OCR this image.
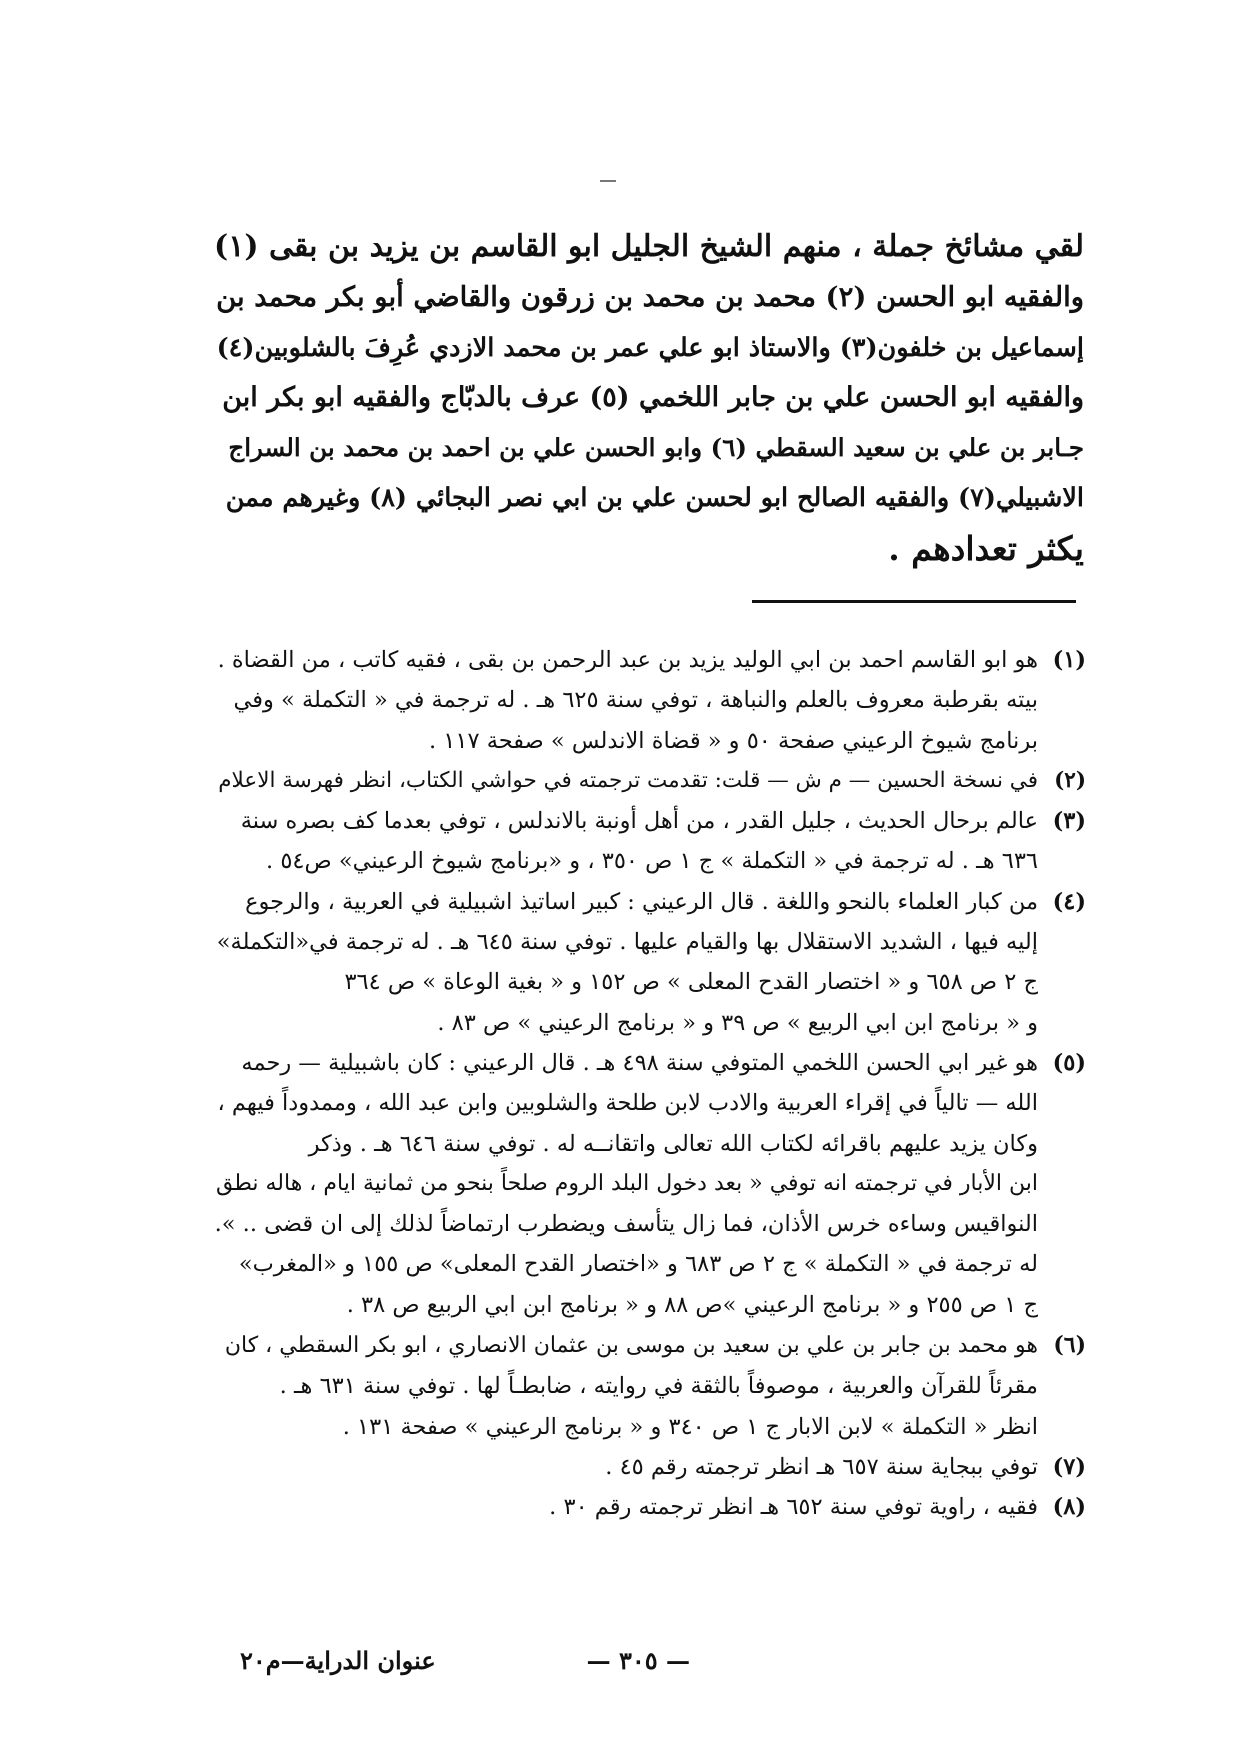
لقي مشائخ جملة ، منهم الشيخ الجليل ابو القاسم بن يزيد بن بقى (١)
والفقيه ابو الحسن (٢) محمد بن محمد بن زرقون والقاضي أبو بكر محمد بن
إسماعيل بن خلفون(٣) والاستاذ ابو علي عمر بن محمد الازدي عُرِفَ بالشلوبين(٤)
والفقيه ابو الحسن علي بن جابر اللخمي (٥) عرف بالدبّاج والفقيه ابو بكر ابن
جـابر بن علي بن سعيد السقطي (٦) وابو الحسن علي بن احمد بن محمد بن السراج
الاشبيلي(٧) والفقيه الصالح ابو لحسن علي بن ابي نصر البجائي (٨) وغيرهم ممن
يكثر تعدادهم .
(١)هو ابو القاسم احمد بن ابي الوليد يزيد بن عبد الرحمن بن بقى ، فقيه كاتب ، من القضاة .
بيته بقرطبة معروف بالعلم والنباهة ، توفي سنة ٦٢٥ هـ . له ترجمة في « التكملة » وفي
برنامج شيوخ الرعيني صفحة ٥٠ و « قضاة الاندلس » صفحة ١١٧ .
(٢)في نسخة الحسين — م ش — قلت: تقدمت ترجمته في حواشي الكتاب، انظر فهرسة الاعلام
(٣)عالم برحال الحديث ، جليل القدر ، من أهل أونبة بالاندلس ، توفي بعدما كف بصره سنة
٦٣٦ هـ . له ترجمة في « التكملة » ج ١ ص ٣٥٠ ، و «برنامج شيوخ الرعيني» ص٥٤ .
(٤)من كبار العلماء بالنحو واللغة . قال الرعيني : كبير اساتيذ اشبيلية في العربية ، والرجوع
إليه فيها ، الشديد الاستقلال بها والقيام عليها . توفي سنة ٦٤٥ هـ . له ترجمة في«التكملة»
ج ٢ ص ٦٥٨ و « اختصار القدح المعلى » ص ١٥٢ و « بغية الوعاة » ص ٣٦٤
و « برنامج ابن ابي الربيع » ص ٣٩ و « برنامج الرعيني » ص ٨٣ .
(٥)هو غير ابي الحسن اللخمي المتوفي سنة ٤٩٨ هـ . قال الرعيني : كان باشبيلية — رحمه
الله — تالياً في إقراء العربية والادب لابن طلحة والشلوبين وابن عبد الله ، وممدوداً فيهم ،
وكان يزيد عليهم باقرائه لكتاب الله تعالى واتقانــه له . توفي سنة ٦٤٦ هـ . وذكر
ابن الأبار في ترجمته انه توفي « بعد دخول البلد الروم صلحاً بنحو من ثمانية ايام ، هاله نطق
النواقيس وساءه خرس الأذان، فما زال يتأسف ويضطرب ارتماضاً لذلك إلى ان قضى .. ».
له ترجمة في « التكملة » ج ٢ ص ٦٨٣ و «اختصار القدح المعلى» ص ١٥٥ و «المغرب»
ج ١ ص ٢٥٥ و « برنامج الرعيني »ص ٨٨ و « برنامج ابن ابي الربيع ص ٣٨ .
(٦)هو محمد بن جابر بن علي بن سعيد بن موسى بن عثمان الانصاري ، ابو بكر السقطي ، كان
مقرئاً للقرآن والعربية ، موصوفاً بالثقة في روايته ، ضابطـاً لها . توفي سنة ٦٣١ هـ .
انظر « التكملة » لابن الابار ج ١ ص ٣٤٠ و « برنامج الرعيني » صفحة ١٣١ .
(٧)توفي ببجاية سنة ٦٥٧ هـ انظر ترجمته رقم ٤٥ .
(٨)فقيه ، راوية توفي سنة ٦٥٢ هـ انظر ترجمته رقم ٣٠ .
— ٣٠٥ —
عنوان الدراية—م٢٠
